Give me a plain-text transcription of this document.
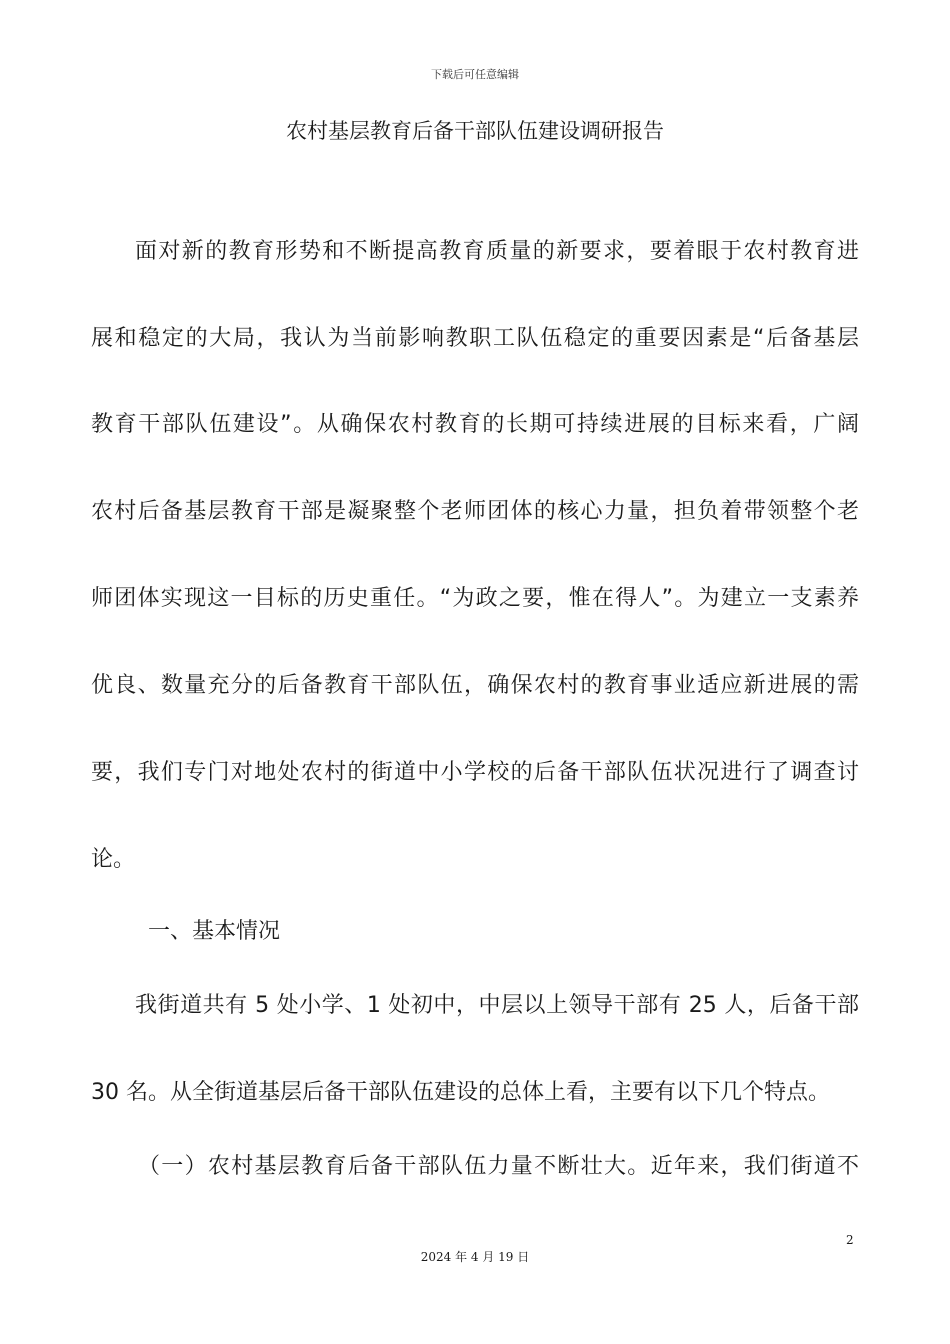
下载后可任意编辑
农村基层教育后备干部队伍建设调研报告
面对新的教育形势和不断提高教育质量的新要求，要着眼于农村教育进
展和稳定的大局，我认为当前影响教职工队伍稳定的重要因素是“后备基层
教育干部队伍建设”。从确保农村教育的长期可持续进展的目标来看，广阔
农村后备基层教育干部是凝聚整个老师团体的核心力量，担负着带领整个老
师团体实现这一目标的历史重任。“为政之要，惟在得人”。为建立一支素养
优良、数量充分的后备教育干部队伍，确保农村的教育事业适应新进展的需
要，我们专门对地处农村的街道中小学校的后备干部队伍状况进行了调查讨
论。
一、基本情况
我街道共有 5 处小学、1 处初中，中层以上领导干部有 25 人，后备干部
30 名。从全街道基层后备干部队伍建设的总体上看，主要有以下几个特点。
（一）农村基层教育后备干部队伍力量不断壮大。近年来，我们街道不
2
2024 年 4 月 19 日
